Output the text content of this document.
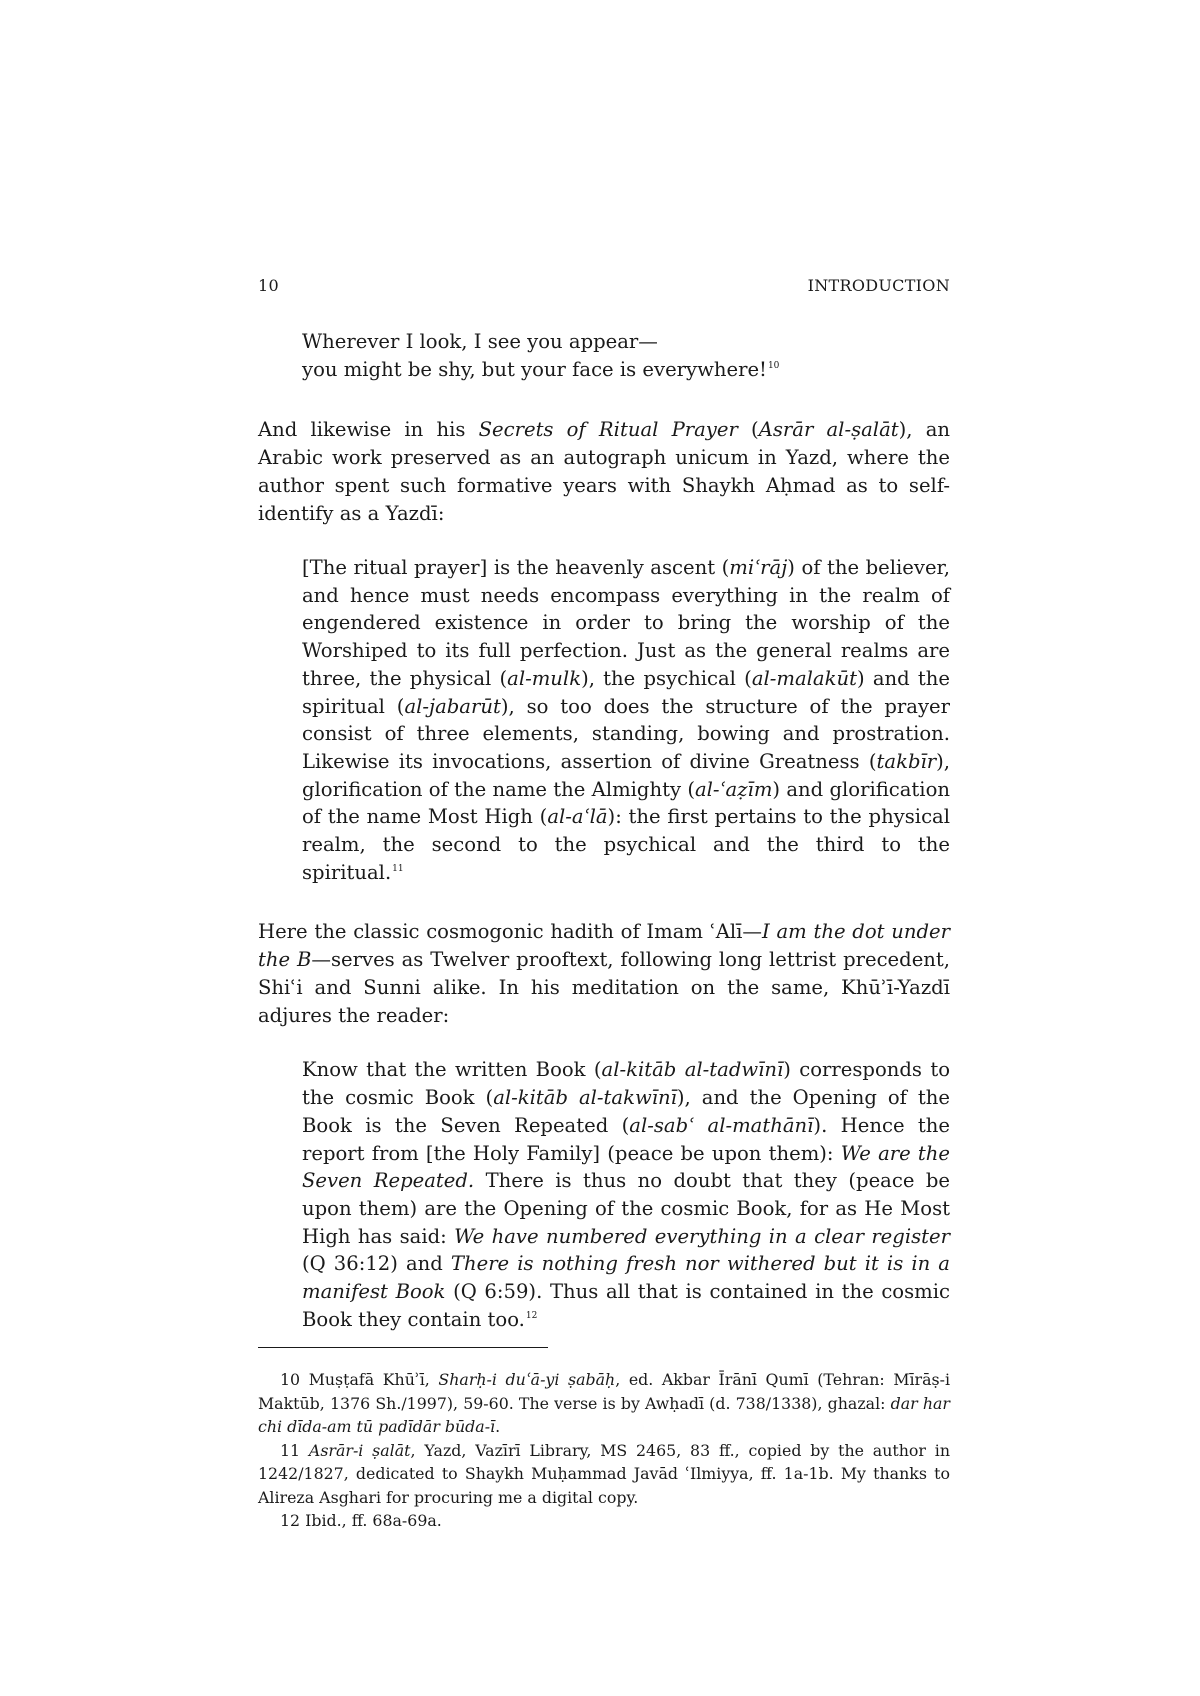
10	INTRODUCTION
Wherever I look, I see you appear—
you might be shy, but your face is everywhere!$^{10}$

And likewise in his Secrets of Ritual Prayer (Asrār al-ṣalāt), an Arabic work preserved as an autograph unicum in Yazd, where the author spent such formative years with Shaykh Aḥmad as to self-identify as a Yazdī:

[The ritual prayer] is the heavenly ascent (miʿrāj) of the believer, and hence must needs encompass everything in the realm of engendered existence in order to bring the worship of the Worshiped to its full perfection. Just as the general realms are three, the physical (al-mulk), the psychical (al-malakūt) and the spiritual (al-jabarūt), so too does the structure of the prayer consist of three elements, standing, bowing and prostration. Likewise its invocations, assertion of divine Greatness (takbīr), glorification of the name the Almighty (al-ʿaẓīm) and glorification of the name Most High (al-aʿlā): the first pertains to the physical realm, the second to the psychical and the third to the spiritual.$^{11}$

Here the classic cosmogonic hadith of Imam ʿAlī—I am the dot under the B—serves as Twelver prooftext, following long lettrist precedent, Shiʿi and Sunni alike. In his meditation on the same, Khūʾī-Yazdī adjures the reader:

Know that the written Book (al-kitāb al-tadwīnī) corresponds to the cosmic Book (al-kitāb al-takwīnī), and the Opening of the Book is the Seven Repeated (al-sabʿ al-mathānī). Hence the report from [the Holy Family] (peace be upon them): We are the Seven Repeated. There is thus no doubt that they (peace be upon them) are the Opening of the cosmic Book, for as He Most High has said: We have numbered everything in a clear register (Q 36:12) and There is nothing fresh nor withered but it is in a manifest Book (Q 6:59). Thus all that is contained in the cosmic Book they contain too.$^{12}$

10 Muṣṭafā Khūʾī, Sharḥ-i duʿā-yi ṣabāḥ, ed. Akbar Īrānī Qumī (Tehran: Mīrāṣ-i Maktūb, 1376 Sh./1997), 59-60. The verse is by Awḥadī (d. 738/1338), ghazal: dar har chi dīda-am tū padīdār būda-ī.

11 Asrār-i ṣalāt, Yazd, Vazīrī Library, MS 2465, 83 ff., copied by the author in 1242/1827, dedicated to Shaykh Muḥammad Javād ʿIlmiyya, ff. 1a-1b. My thanks to Alireza Asghari for procuring me a digital copy.

12 Ibid., ff. 68a-69a.
